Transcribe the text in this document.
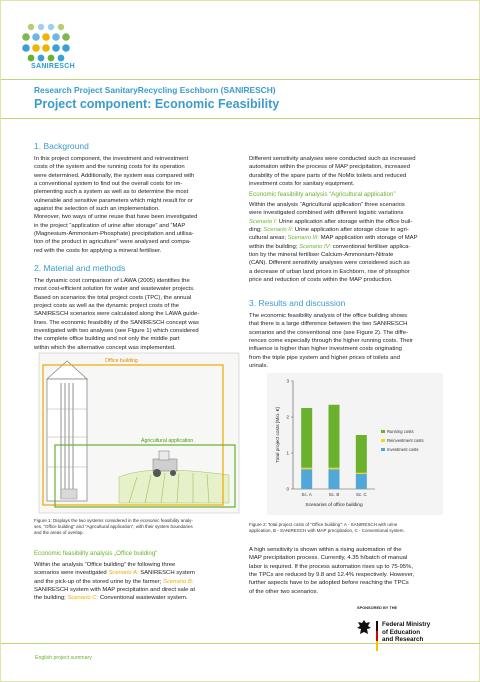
SANIRESCH
Research Project SanitaryRecycling Eschborn (SANIRESCH)
Project component: Economic Feasibility
1. Background
In this project component, the investment and reinvestment
costs of the system and the running costs for its operation
were determined. Additionally, the system was compared with
a conventional system to find out the overall costs for im-
plementing such a system as well as to determine the most
vulnerable and sensitive parameters which might result for or
against the selection of such an implementation.
Moreover, two ways of urine reuse that have been investigated
in the project “application of urine after storage” and “MAP
(Magnesium-Ammonium-Phosphate) precipitation and utilisa-
tion of the product in agriculture” were analysed and compa-
red with the costs for applying a mineral fertiliser.
2. Material and methods
The dynamic cost comparison of LAWA (2005) identifies the
most cost-efficient solution for water and wastewater projects.
Based on scenarios the total project costs (TPC), the annual
project costs as well as the dynamic project costs of the
SANIRESCH scenarios were calculated along the LAWA guide-
lines. The economic feasibility of the SANIRESCH concept was
investigated with two analyses (see Figure 1) which considered
the complete office building and not only the middle part
within which the alternative concept was implemented.
Office building
Agricultural application
Figure 1: Displays the two systems considered in the economic feasibility analy-
ses, “Office building” and “Agricultural application”, with their system boundaries
and the areas of overlap.
Economic feasibility analysis „Office building“
Within the analysis “Office building” the following three
scenarios were investigated Scenario A: SANIRESCH system
and the pick-up of the stored urine by the farmer; Scenario B:
SANIRESCH system with MAP precipitation and direct sale at
the building; Scenario C: Conventional wastewater system.
Different sensitivity analyses were conducted such as increased
automation within the process of MAP precipitation, increased
durability of the spare parts of the NoMix toilets and reduced
investment costs for sanitary equipment.
Economic feasibility analysis “Agricultural application”
Within the analysis “Agricultural application” three scenarios
were investigated combined with different logistic variations
Scenario I: Urine application after storage within the office buil-
ding; Scenario II: Urine application after storage close to agri-
cultural areas; Scenario III: MAP application with storage of MAP
within the building; Scenario IV: conventional fertiliser applica-
tion by the mineral fertiliser Calcium-Ammonium-Nitrate
(CAN). Different sensitivity analyses were considered such as
a decrease of urban land prices in Eschborn, rise of phosphor
price and reduction of costs within the MAP production.
3. Results and discussion
The economic feasibility analysis of the office building shows
that there is a large difference between the two SANIRESCH
scenarios and the conventional one (see Figure 2). The diffe-
rences come especially through the higher running costs. Their
influence is higher than higher investment costs originating
from the triple pipe system and higher prices of toilets and
urinals.
0
1
2
3
Total project costs [Mio. €]
Scenarios of office building
Sc. A	Sc. B	Sc. C
Running costs
Reinvestment costs
Investment costs
Figure 2: Total project costs of “Office building”: A - SANIRESCH with urine
application, B - SANIRESCH with MAP precipitation, C - Conventional system.
A high sensitivity is shown within a rising automation of the
MAP precipitation process. Currently, 4.35 h/batch of manual
labor is required. If the process automation rises up to 75-95%,
the TPCs are reduced by 9.8 and 12.4% respectively. However,
further aspects have to be adopted before reaching the TPCs
of the other two scenarios.
English project summary
SPONSORED BY THE
Federal Ministry
of Education
and Research
